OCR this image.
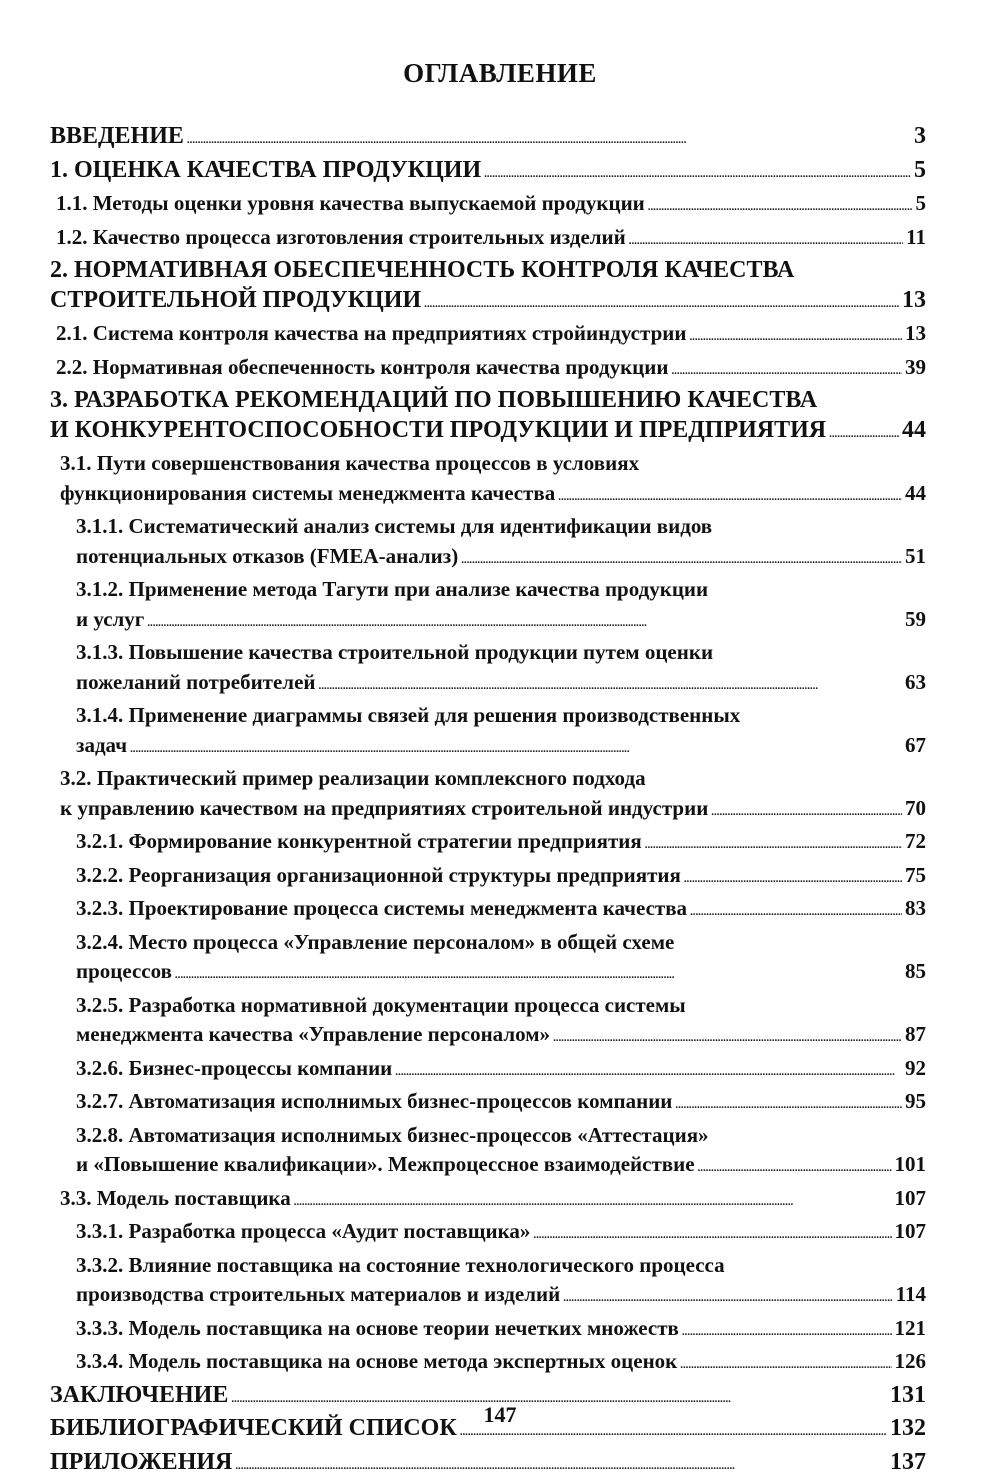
ОГЛАВЛЕНИЕ
ВВЕДЕНИЕ . . .	3
1. ОЦЕНКА КАЧЕСТВА ПРОДУКЦИИ . . .	5
1.1. Методы оценки уровня качества выпускаемой продукции . . .	5
1.2. Качество процесса изготовления строительных изделий . . .	11
2. НОРМАТИВНАЯ ОБЕСПЕЧЕННОСТЬ КОНТРОЛЯ КАЧЕСТВА
СТРОИТЕЛЬНОЙ ПРОДУКЦИИ . . .	13
2.1. Система контроля качества на предприятиях стройиндустрии . . .	13
2.2. Нормативная обеспеченность контроля качества продукции . . .	39
3. РАЗРАБОТКА РЕКОМЕНДАЦИЙ ПО ПОВЫШЕНИЮ КАЧЕСТВА
И КОНКУРЕНТОСПОСОБНОСТИ ПРОДУКЦИИ И ПРЕДПРИЯТИЯ . . .	44
3.1. Пути совершенствования качества процессов в условиях
функционирования системы менеджмента качества . . .	44
3.1.1. Систематический анализ системы для идентификации видов
потенциальных отказов (FMEA-анализ) . . .	51
3.1.2. Применение метода Тагути при анализе качества продукции
и услуг . . .	59
3.1.3. Повышение качества строительной продукции путем оценки
пожеланий потребителей . . .	63
3.1.4. Применение диаграммы связей для решения производственных
задач . . .	67
3.2. Практический пример реализации комплексного подхода
к управлению качеством на предприятиях строительной индустрии . . .	70
3.2.1. Формирование конкурентной стратегии предприятия . . .	72
3.2.2. Реорганизация организационной структуры предприятия . . .	75
3.2.3. Проектирование процесса системы менеджмента качества . . .	83
3.2.4. Место процесса «Управление персоналом» в общей схеме
процессов . . .	85
3.2.5. Разработка нормативной документации процесса системы
менеджмента качества «Управление персоналом» . . .	87
3.2.6. Бизнес-процессы компании . . .	92
3.2.7. Автоматизация исполнимых бизнес-процессов компании . . .	95
3.2.8. Автоматизация исполнимых бизнес-процессов «Аттестация»
и «Повышение квалификации». Межпроцессное взаимодействие . . .	101
3.3. Модель поставщика . . .	107
3.3.1. Разработка процесса «Аудит поставщика» . . .	107
3.3.2. Влияние поставщика на состояние технологического процесса
производства строительных материалов и изделий . . .	114
3.3.3. Модель поставщика на основе теории нечетких множеств . . .	121
3.3.4. Модель поставщика на основе метода экспертных оценок . . .	126
ЗАКЛЮЧЕНИЕ . . .	131
БИБЛИОГРАФИЧЕСКИЙ СПИСОК . . .	132
ПРИЛОЖЕНИЯ . . .	137
147
